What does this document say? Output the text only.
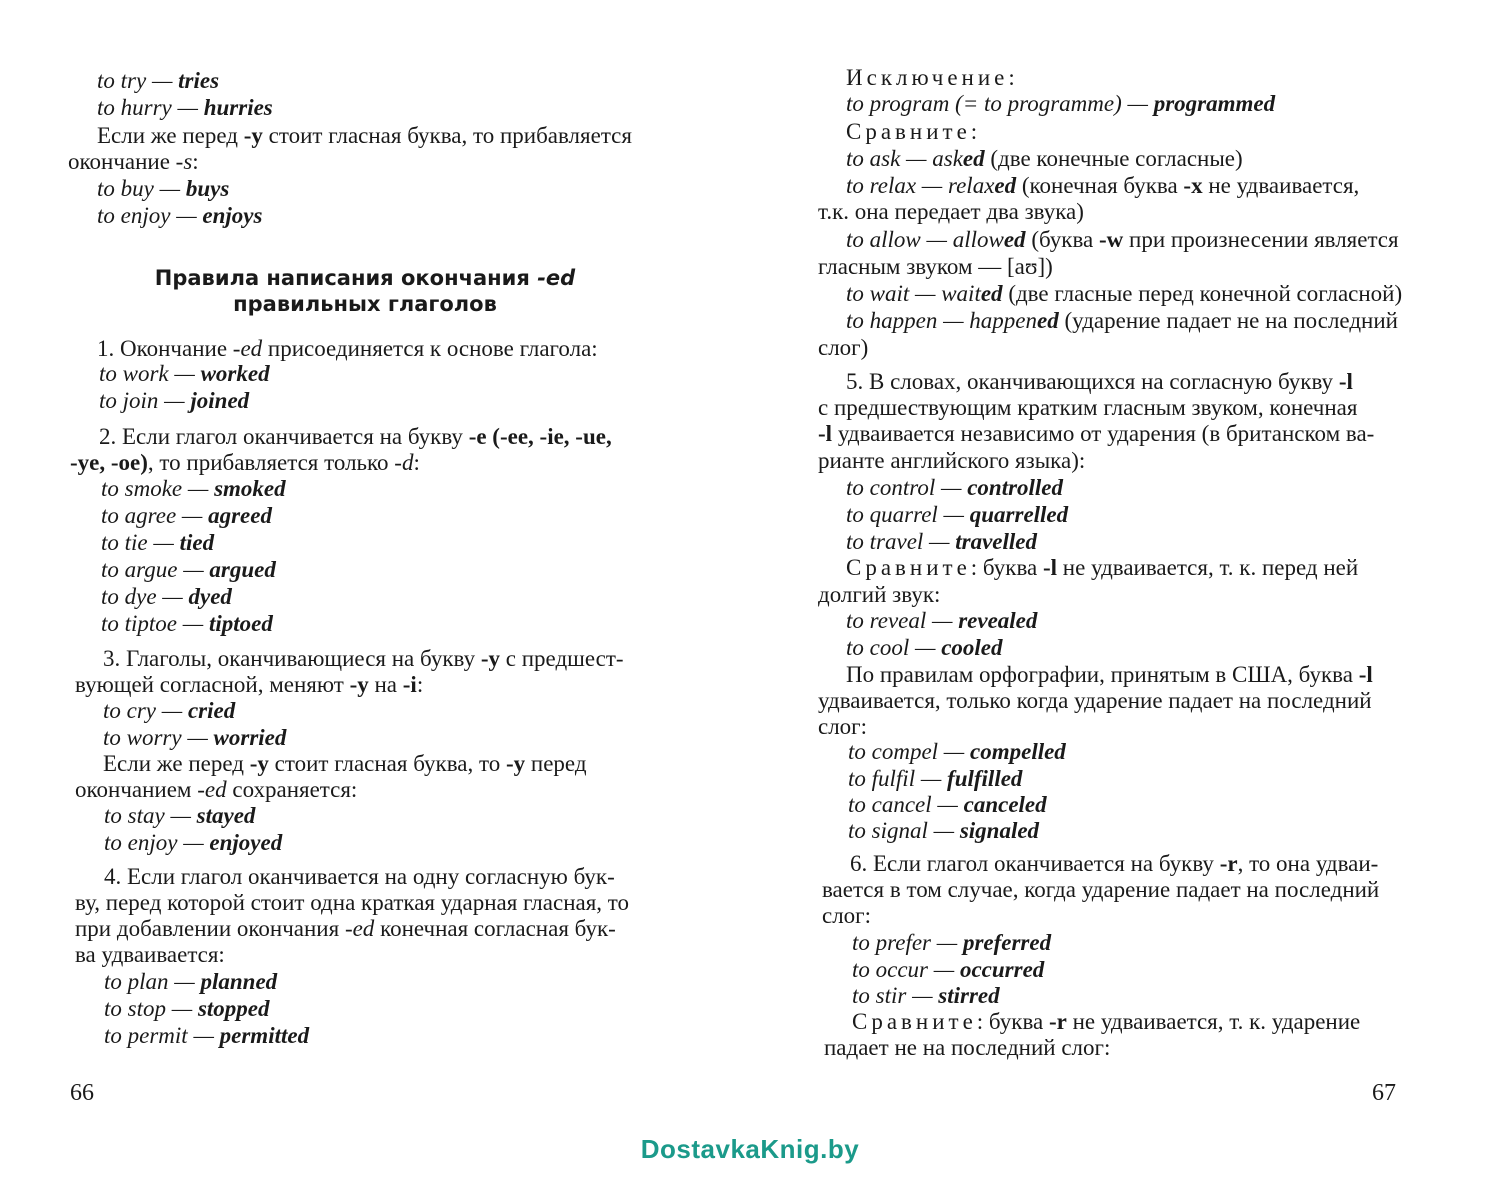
to try — tries
to hurry — hurries
Если же перед -у стоит гласная буква, то прибавляется
окончание -s:
to buy — buys
to enjoy — enjoys
1. Окончание -ed присоединяется к основе глагола:
to work — worked
to join — joined
2. Если глагол оканчивается на букву -е (-ее, -ie, -ue,
-ye, -ое), то прибавляется только -d:
to smoke — smoked
to agree — agreed
to tie — tied
to argue — argued
to dye — dyed
to tiptoe — tiptoed
3. Глаголы, оканчивающиеся на букву -у с предшест-
вующей согласной, меняют -у на -i:
to cry — cried
to worry — worried
Если же перед -у стоит гласная буква, то -у перед
окончанием -ed сохраняется:
to stay — stayed
to enjoy — enjoyed
4. Если глагол оканчивается на одну согласную бук-
ву, перед которой стоит одна краткая ударная гласная, то
при добавлении окончания -ed конечная согласная бук-
ва удваивается:
to plan — planned
to stop — stopped
to permit — permitted
Правила написания окончания -ed
правильных глаголов
66
Исключение:
to program (= to programme) — programmed
Сравните:
to ask — asked (две конечные согласные)
to relax — relaxed (конечная буква -х не удваивается,
т.к. она передает два звука)
to allow — allowed (буква -w при произнесении является
гласным звуком — [aʊ])
to wait — waited (две гласные перед конечной согласной)
to happen — happened (ударение падает не на последний
слог)
5. В словах, оканчивающихся на согласную букву -l
с предшествующим кратким гласным звуком, конечная
-l удваивается независимо от ударения (в британском ва-
рианте английского языка):
to control — controlled
to quarrel — quarrelled
to travel — travelled
Сравните: буква -l не удваивается, т. к. перед ней
долгий звук:
to reveal — revealed
to cool — cooled
По правилам орфографии, принятым в США, буква -l
удваивается, только когда ударение падает на последний
слог:
to compel — compelled
to fulfil — fulfilled
to cancel — canceled
to signal — signaled
6. Если глагол оканчивается на букву -r, то она удваи-
вается в том случае, когда ударение падает на последний
слог:
to prefer — preferred
to occur — occurred
to stir — stirred
Сравните: буква -r не удваивается, т. к. ударение
падает не на последний слог:
67
DostavkaKnig.by
